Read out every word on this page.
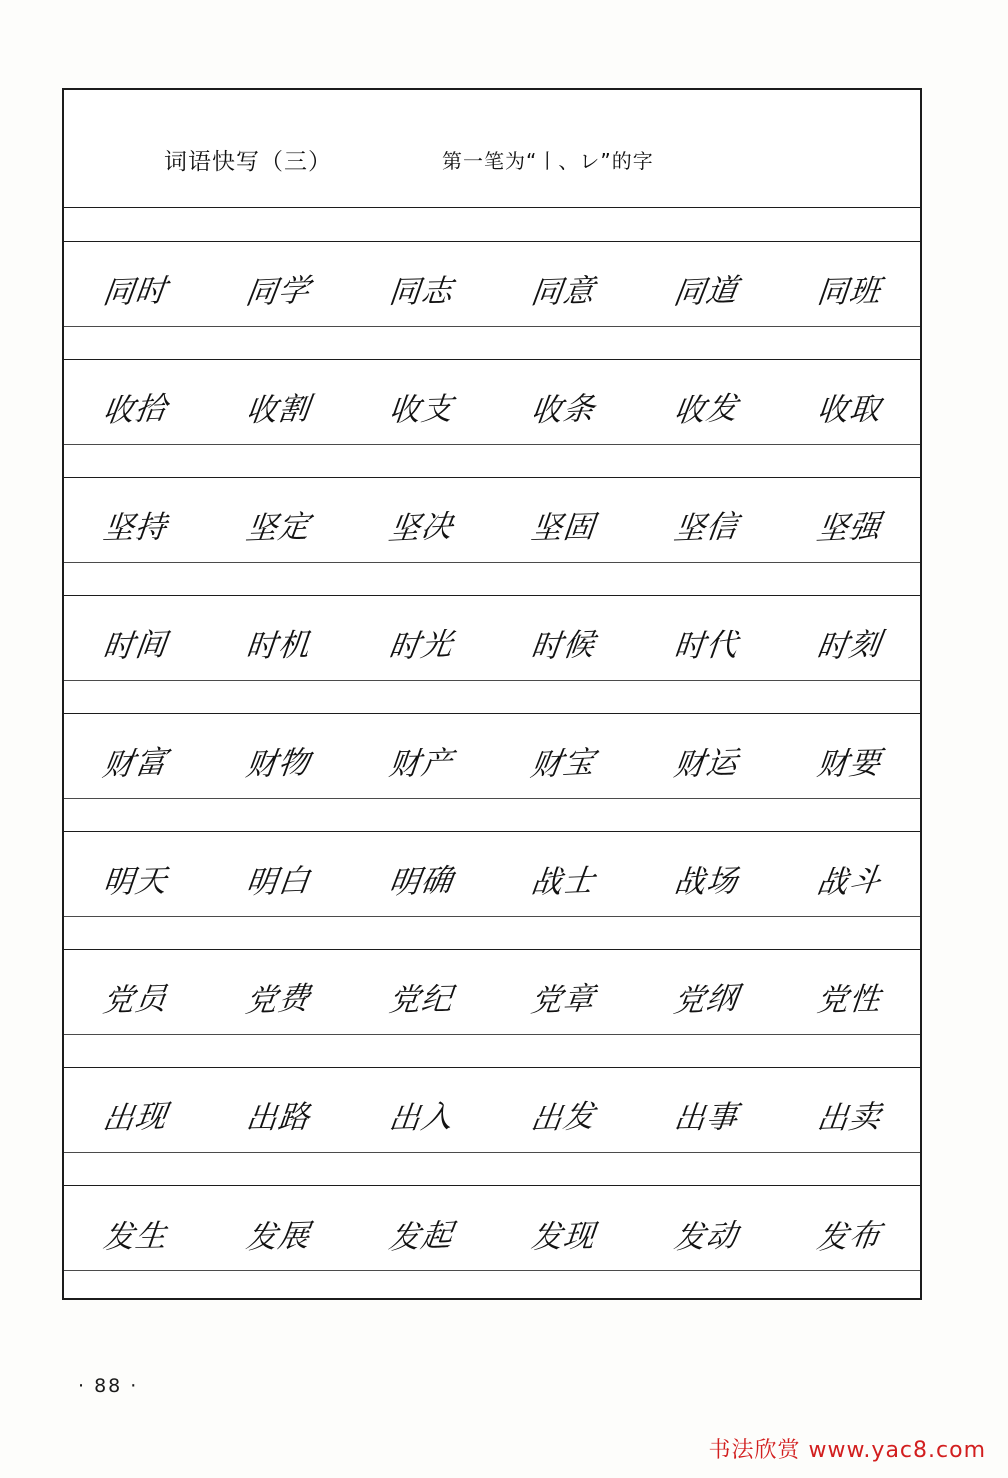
词语快写（三）	第一笔为“丨、レ”的字
同时 同学 同志 同意 同道 同班
收拾 收割 收支 收条 收发 收取
坚持 坚定 坚决 坚固 坚信 坚强
时间 时机 时光 时候 时代 时刻
财富 财物 财产 财宝 财运 财要
明天 明白 明确 战士 战场 战斗
党员 党费 党纪 党章 党纲 党性
出现 出路 出入 出发 出事 出卖
发生 发展 发起 发现 发动 发布
· 88 ·
书法欣赏 www.yac8.com
